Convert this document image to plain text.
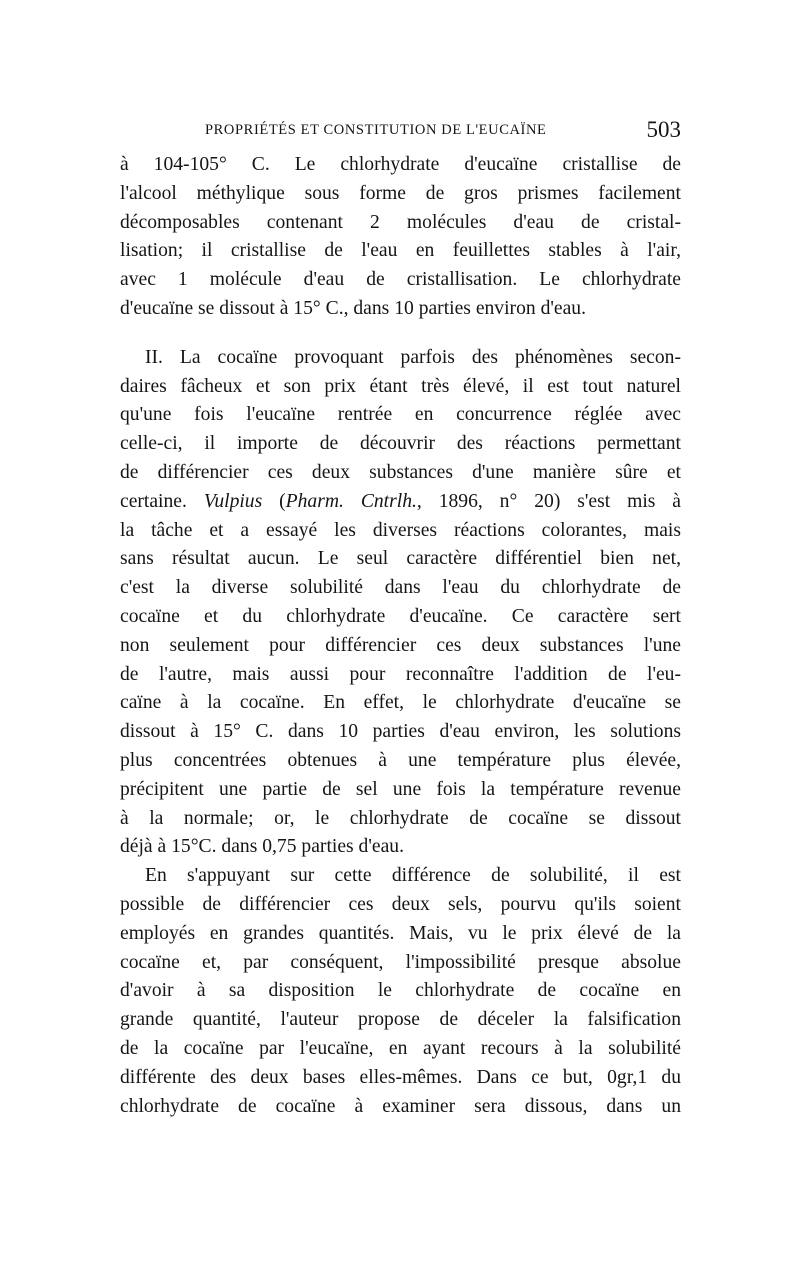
PROPRIÉTÉS ET CONSTITUTION DE L'EUCAÏNE	503
à 104-105° C. Le chlorhydrate d'eucaïne cristallise de
l'alcool méthylique sous forme de gros prismes facilement
décomposables contenant 2 molécules d'eau de cristal-
lisation; il cristallise de l'eau en feuillettes stables à l'air,
avec 1 molécule d'eau de cristallisation. Le chlorhydrate
d'eucaïne se dissout à 15° C., dans 10 parties environ d'eau.
II. La cocaïne provoquant parfois des phénomènes secon-
daires fâcheux et son prix étant très élevé, il est tout naturel
qu'une fois l'eucaïne rentrée en concurrence réglée avec
celle-ci, il importe de découvrir des réactions permettant
de différencier ces deux substances d'une manière sûre et
certaine. Vulpius (Pharm. Cntrlh., 1896, n° 20) s'est mis à
la tâche et a essayé les diverses réactions colorantes, mais
sans résultat aucun. Le seul caractère différentiel bien net,
c'est la diverse solubilité dans l'eau du chlorhydrate de
cocaïne et du chlorhydrate d'eucaïne. Ce caractère sert
non seulement pour différencier ces deux substances l'une
de l'autre, mais aussi pour reconnaître l'addition de l'eu-
caïne à la cocaïne. En effet, le chlorhydrate d'eucaïne se
dissout à 15° C. dans 10 parties d'eau environ, les solutions
plus concentrées obtenues à une température plus élevée,
précipitent une partie de sel une fois la température revenue
à la normale; or, le chlorhydrate de cocaïne se dissout
déjà à 15°C. dans 0,75 parties d'eau.
En s'appuyant sur cette différence de solubilité, il est
possible de différencier ces deux sels, pourvu qu'ils soient
employés en grandes quantités. Mais, vu le prix élevé de la
cocaïne et, par conséquent, l'impossibilité presque absolue
d'avoir à sa disposition le chlorhydrate de cocaïne en
grande quantité, l'auteur propose de déceler la falsification
de la cocaïne par l'eucaïne, en ayant recours à la solubilité
différente des deux bases elles-mêmes. Dans ce but, 0gr,1 du
chlorhydrate de cocaïne à examiner sera dissous, dans un
